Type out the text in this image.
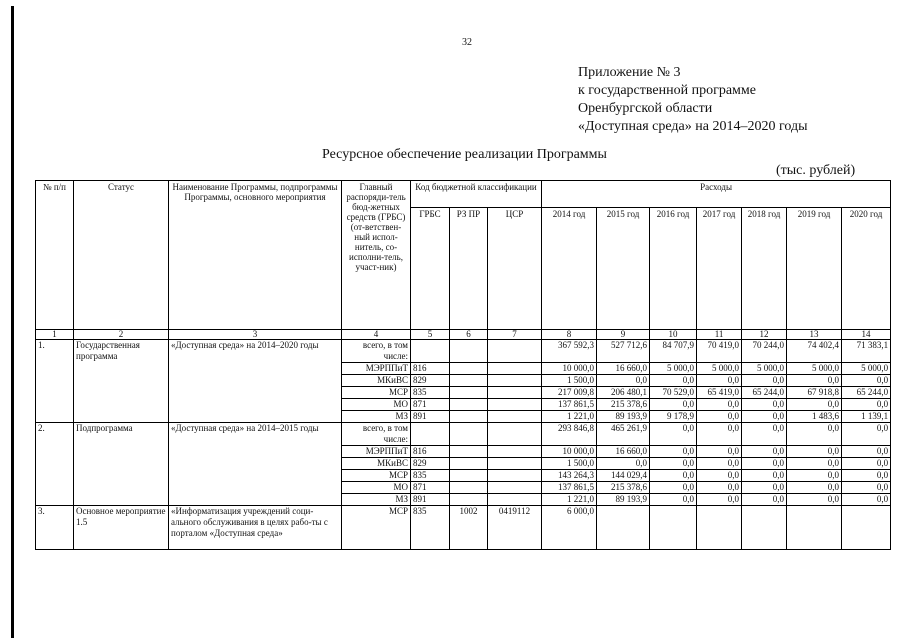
32
Приложение № 3
к государственной программе
Оренбургской области
«Доступная среда» на 2014–2020 годы
Ресурсное обеспечение реализации Программы
(тыс. рублей)
№ п/п	Статус	Наименование Программы, подпрограммы Программы, основного мероприятия	Главный распоряди-тель бюд-жетных средств (ГРБС) (от-ветствен-ный испол-нитель, со-исполни-тель, участ-ник)	Код бюджетной классификации			Расходы						
				ГРБС	РЗ ПР	ЦСР	2014 год	2015 год	2016 год	2017 год	2018 год	2019 год	2020 год
1	2	3	4	5	6	7	8	9	10	11	12	13	14
1.	Государственная программа	«Доступная среда» на 2014–2020 годы	всего, в том числе:				367 592,3	527 712,6	84 707,9	70 419,0	70 244,0	74 402,4	71 383,1
			МЭРППиТ	816			10 000,0	16 660,0	5 000,0	5 000,0	5 000,0	5 000,0	5 000,0
			МКиВС	829			1 500,0	0,0	0,0	0,0	0,0	0,0	0,0
			МСР	835			217 009,8	206 480,1	70 529,0	65 419,0	65 244,0	67 918,8	65 244,0
			МО	871			137 861,5	215 378,6	0,0	0,0	0,0	0,0	0,0
			МЗ	891			1 221,0	89 193,9	9 178,9	0,0	0,0	1 483,6	1 139,1
2.	Подпрограмма	«Доступная среда» на 2014–2015 годы	всего, в том числе:				293 846,8	465 261,9	0,0	0,0	0,0	0,0	0,0
			МЭРППиТ	816			10 000,0	16 660,0	0,0	0,0	0,0	0,0	0,0
			МКиВС	829			1 500,0	0,0	0,0	0,0	0,0	0,0	0,0
			МСР	835			143 264,3	144 029,4	0,0	0,0	0,0	0,0	0,0
			МО	871			137 861,5	215 378,6	0,0	0,0	0,0	0,0	0,0
			МЗ	891			1 221,0	89 193,9	0,0	0,0	0,0	0,0	0,0
3.	Основное мероприятие 1.5	«Информатизация учреждений соци-ального обслуживания в целях рабо-ты с порталом «Доступная среда»	МСР	835	1002	0419112	6 000,0						
